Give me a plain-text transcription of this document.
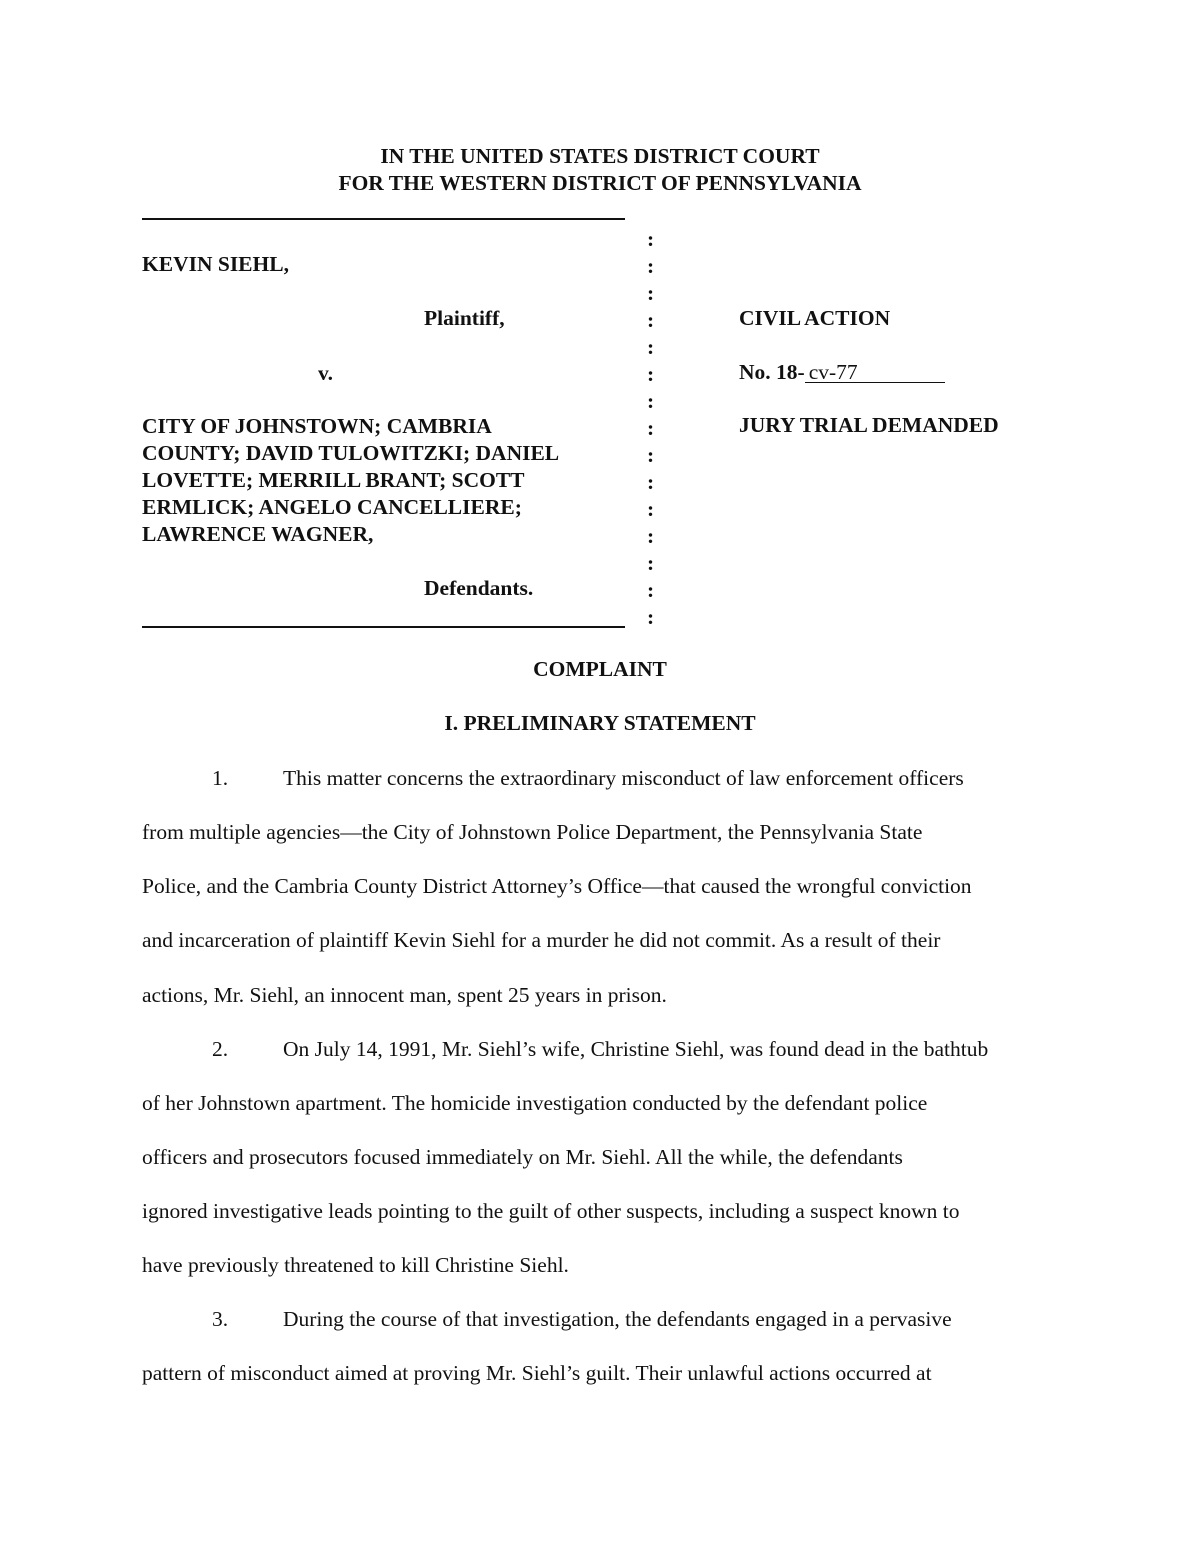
IN THE UNITED STATES DISTRICT COURT
FOR THE WESTERN DISTRICT OF PENNSYLVANIA
:
:
:
:
:
:
:
:
:
:
:
:
:
:
:
KEVIN SIEHL,
Plaintiff,
v.
CITY OF JOHNSTOWN; CAMBRIA
COUNTY; DAVID TULOWITZKI; DANIEL
LOVETTE; MERRILL BRANT; SCOTT
ERMLICK; ANGELO CANCELLIERE;
LAWRENCE WAGNER,
Defendants.
CIVIL ACTION
No. 18- cv-77
JURY TRIAL DEMANDED
COMPLAINT
I. PRELIMINARY STATEMENT
1.	This matter concerns the extraordinary misconduct of law enforcement officers
from multiple agencies—the City of Johnstown Police Department, the Pennsylvania State
Police, and the Cambria County District Attorney’s Office—that caused the wrongful conviction
and incarceration of plaintiff Kevin Siehl for a murder he did not commit. As a result of their
actions, Mr. Siehl, an innocent man, spent 25 years in prison.
2.	On July 14, 1991, Mr. Siehl’s wife, Christine Siehl, was found dead in the bathtub
of her Johnstown apartment. The homicide investigation conducted by the defendant police
officers and prosecutors focused immediately on Mr. Siehl. All the while, the defendants
ignored investigative leads pointing to the guilt of other suspects, including a suspect known to
have previously threatened to kill Christine Siehl.
3.	During the course of that investigation, the defendants engaged in a pervasive
pattern of misconduct aimed at proving Mr. Siehl’s guilt. Their unlawful actions occurred at
